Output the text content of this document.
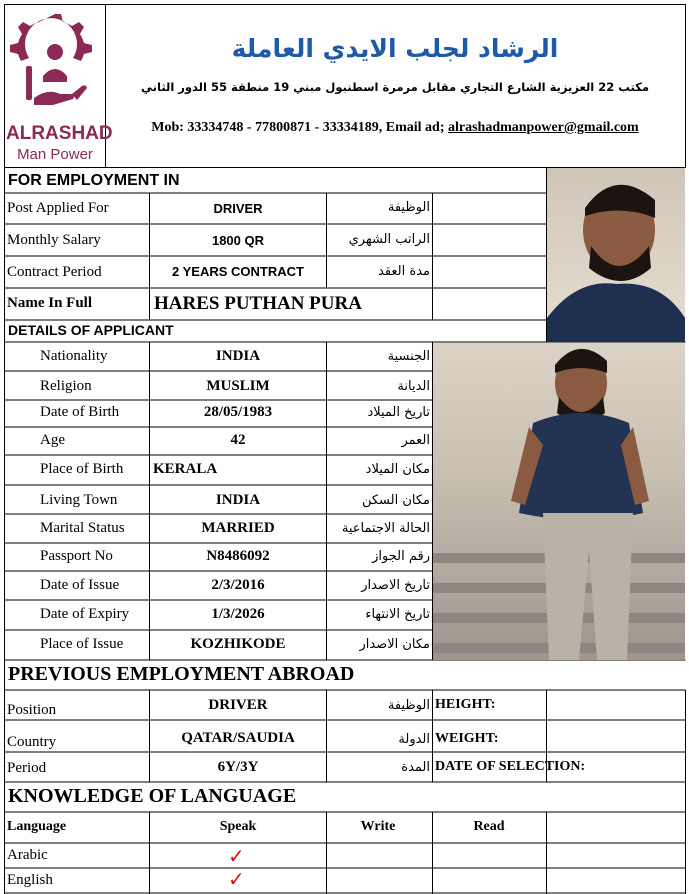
ALRASHAD
Man Power
الرشاد لجلب الايدي العاملة
مكتب 22 العزيزية الشارع التجاري مقابل مرمرة اسطنبول مبني 19 منطقة 55 الدور الثاني
Mob: 33334748 - 77800871 - 33334189, Email ad; alrashadmanpower@gmail.com
FOR EMPLOYMENT IN
Post Applied For	DRIVER	الوظيفة
Monthly Salary	1800 QR	الراتب الشهري
Contract Period	2 YEARS CONTRACT	مدة العقد
Name In Full	HARES PUTHAN PURA
DETAILS OF APPLICANT
Nationality	INDIA	الجنسية
Religion	MUSLIM	الديانة
Date of Birth	28/05/1983	تاريخ الميلاد
Age	42	العمر
Place of Birth KERALA	مكان الميلاد
Living Town	INDIA	مكان السكن
Marital Status	MARRIED	الحالة الاجتماعية
Passport No	N8486092	رقم الجواز
Date of Issue	2/3/2016	تاريخ الاصدار
Date of Expiry	1/3/2026	تاريخ الانتهاء
Place of Issue	KOZHIKODE	مكان الاصدار
PREVIOUS EMPLOYMENT ABROAD
Position	DRIVER	الوظيفة HEIGHT:
Country	QATAR/SAUDIA	الدولة WEIGHT:
Period	6Y/3Y	المدة DATE OF SELECTION:
KNOWLEDGE OF LANGUAGE
Language	Speak	Write	Read
Arabic	✓
English	✓
